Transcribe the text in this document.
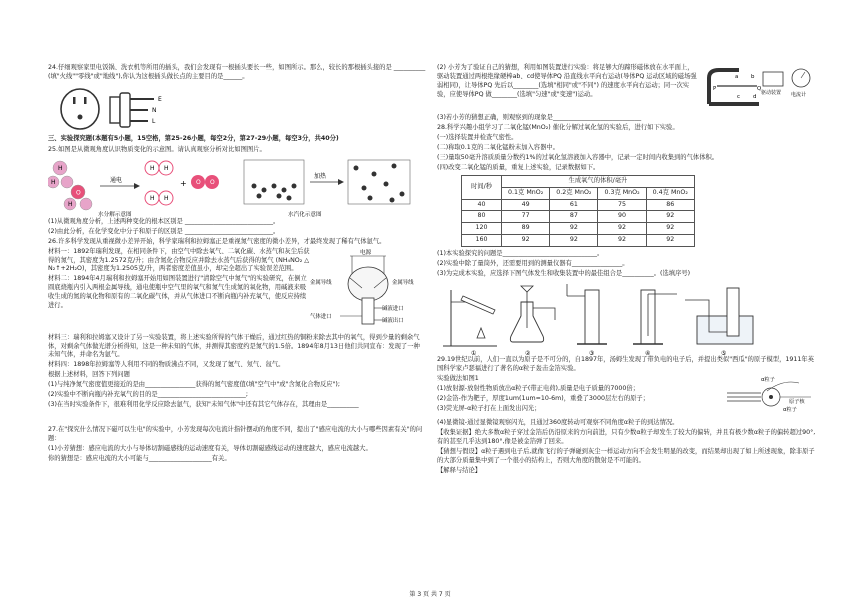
24.仔细观察家里电饭锅、洗衣机等所用的插头，我们会发现有一根插头要长一些，如图所示。那么，较长的那根插头接的是 __________ (填"火线""零线"或"地线"),你认为这根插头做长点的主要目的是______。

E
N
L

三、实验探究题(本题有5小题，15空格，第25-26小题，每空2分，第27-29小题，每空3分，共40分)

25.如图是从微观角度认识物质变化的示意图。请认真观察分析对比如图图片。

O
H
H
H
通电
H H
H H
+ O O
加热
水分解示意图	水汽化示意图

(1)从微观角度分析，上述两种变化的根本区别是 ____________________________。

(2)由此分析，在化学变化中分子和原子的区别是 ____________________________。

26.许多科学发现从重视微小差异开始，科学家瑞利和拉姆塞正是重视氮气密度的微小差异，才最终发现了稀有气体氩气。

材料一：1892年瑞利发现，在相同条件下，由空气中除去氧气、二氧化碳、水蒸气和灰尘后获得的氮气，其密度为1.2572克/升；由含氮化合物反应并除去水蒸气后获得的氮气 (NH₄NO₂ △ N₂↑+2H₂O)，其密度为1.2505克/升，两者密度差值虽小，却完全超出了实验误差范围。

材料二：1894年4月瑞利和拉姆塞开始用如图装置进行"清除空气中氮气"的实验研究，在倒立圆底烧瓶内引入两根金属导线，通电使瓶中空气里的氧气和氮气生成氮的氧化物，用碱液来吸收生成的氮的氧化物和原有的二氧化碳气体，并从气体进口不断向瓶内补充氧气，使反应持续进行。

电源
金属导线	金属导线
气体进口
碱液进口
碱液出口

材料三：瑞利和拉姆塞又设计了另一实验装置，将上述实验所得的气体干燥后，通过红热的铜粉来除去其中的氧气，得到少量的剩余气体，对剩余气体做光谱分析得知，这是一种未知的气体，并测得其密度约是氮气的1.5倍。1894年8月13日他们共同宣布：发现了一种未知气体，并命名为氩气。

材料四：1898年拉姆塞等人利用不同的物质沸点不同，又发现了氪气、氖气、氙气。

根据上述材料，回答下列问题

(1)与纯净氮气密度值更接近的是由________________获得的氮气密度值(填"空气中"或"含氮化合物反应");

(2)实验中不断向瓶内补充氧气的目的是____________________________;

(3)在当时实验条件下，很难利用化学反应除去氩气，获知"未知气体"中还有其它气体存在，其理由是__________

27.在"探究什么情况下磁可以生电"的实验中，小芳发现每次电流计指针摆动的角度不同，提出了"感应电流的大小与哪些因素有关"的问题：

(1)小芳猜想：感应电流的大小与导体切割磁感线的运动速度有关，导体切割磁感线运动的速度越大，感应电流越大。

你的猜想是：感应电流的大小可能与____________________有关。

(2) 小芳为了验证自己的猜想，利用如图装置进行实验：将足够大的蹄形磁体放在水平面上，驱动装置通过两根绝缘硬棒ab、cd使导体PQ 沿直线水平向右运动(导体PQ 运动区域的磁场强弱相同)，让导体PQ 先后以________(选填"相同"或"不同") 的速度水平向右运动；同一次实验，应使导体PQ 做________(选填"匀速"或"变速")运动。

P	Q
a b
c d
驱动装置 电流计

(3)若小芳的猜想正确，则观察到的现象是____________________________

28.科学兴趣小组学习了二氧化锰(MnO₂) 催化分解过氧化氢的实验后，进行如下实验。

(一)选择装置并检查气密性。

(二)称取0.1克的二氧化锰粉末加入容器中。

(三)量取50毫升溶质质量分数约1%的过氧化氢溶液加入容器中，记录一定时间内收集到的气体体积。

(四)改变二氧化锰的质量，重复上述实验，记录数据如下。

时间/秒	生成氧气的体积/毫升			
	0.1克 MnO₂	0.2克 MnO₂	0.3克 MnO₂	0.4克 MnO₂
40	49	61	75	86
80	77	87	90	92
120	89	92	92	92
160	92	92	92	92

(1)本实验探究的问题是______________________________。

(2)实验中除了量筒外，还需要用到的测量仪器有________________。

(3)为完成本实验，应选择下图气体发生和收集装置中的最佳组合是__________。(选填序号)

①	②	③	④	⑤

29.19世纪以前，人们一直以为原子是不可分的，自1897年，汤姆生发现了带负电的电子后，并提出类似"西瓜"的原子模型，1911年英国科学家卢瑟福进行了著名的α粒子轰击金箔实验。

实验做法如图1

(1)放射源-放射性物质放出α粒子(带正电荷),质量是电子质量的7000倍；

(2)金箔-作为靶子，厚度1um(1um=10-6m)，重叠了3000层左右的原子；

(3)荧光屏-α粒子打在上面发出闪光；

α粒子
α粒子
原子核

(4)显微镜-通过显微镜观察闪光，且通过360度转动可观察不同角度α粒子的到达情况。

【收集证据】绝大多数α粒子穿过金箔后仍沿原来的方向前进，只有少数α粒子却发生了较大的偏转，并且有极少数α粒子的偏转超过90°,有的甚至几乎达到180°,像是被金箔弹了回来。

【猜想与假设】α粒子遇到电子后,就像飞行的子弹碰到灰尘一样运动方向不会发生明显的改变，而结果却出现了如上所述现象，除非原子的大部分质量集中到了一个很小的结构上，否则大角度的散射是不可能的。

【解释与结论】

第 3 页 共 7 页
